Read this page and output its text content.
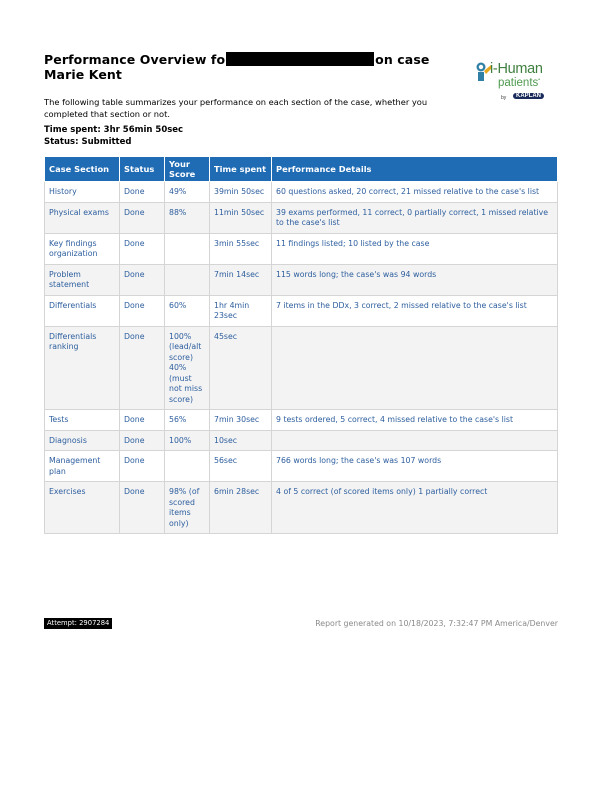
Performance Overview fo	on case Marie Kent	i-Human
patients•
by	KAPLAN
The following table summarizes your performance on each section of the case, whether you completed that section or not.
Time spent: 3hr 56min 50sec
Status: Submitted
Case Section	Status	Your Score	Time spent	Performance Details
History	Done	49%	39min 50sec	60 questions asked, 20 correct, 21 missed relative to the case's list
Physical exams	Done	88%	11min 50sec	39 exams performed, 11 correct, 0 partially correct, 1 missed relative to the case's list
Key findings organization	Done		3min 55sec	11 findings listed; 10 listed by the case
Problem statement	Done		7min 14sec	115 words long; the case's was 94 words
Differentials	Done	60%	1hr 4min 23sec	7 items in the DDx, 3 correct, 2 missed relative to the case's list
Differentials ranking	Done	100% (lead/alt score) 40% (must not miss score)	45sec	
Tests	Done	56%	7min 30sec	9 tests ordered, 5 correct, 4 missed relative to the case's list
Diagnosis	Done	100%	10sec	
Management plan	Done		56sec	766 words long; the case's was 107 words
Exercises	Done	98% (of scored items only)	6min 28sec	4 of 5 correct (of scored items only) 1 partially correct
Attempt: 2907284	Report generated on 10/18/2023, 7:32:47 PM America/Denver
